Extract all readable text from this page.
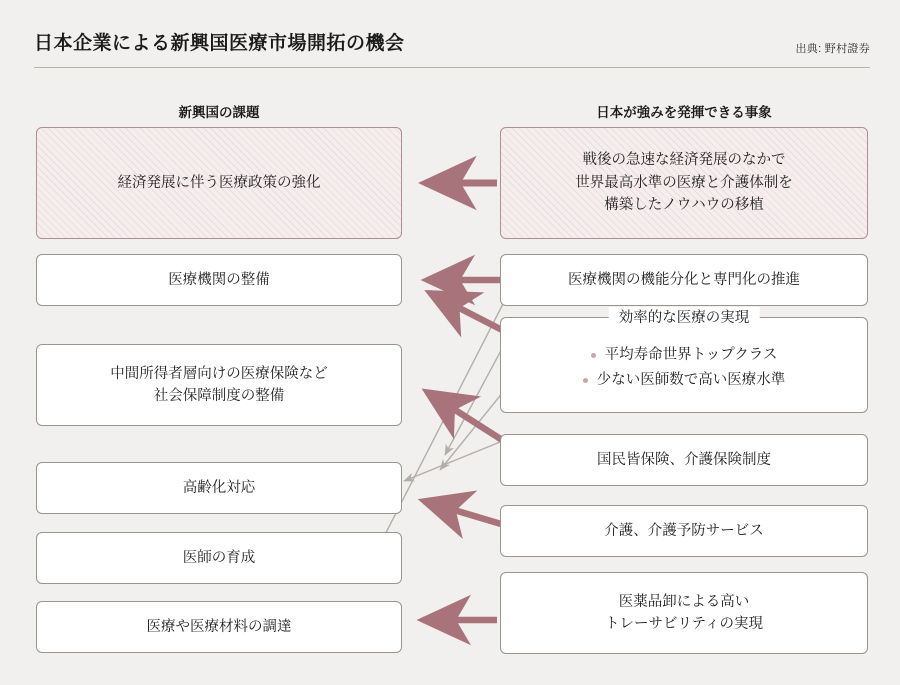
日本企業による新興国医療市場開拓の機会	出典: 野村證券
新興国の課題	日本が強みを発揮できる事象
経済発展に伴う医療政策の強化
医療機関の整備
中間所得者層向けの医療保険など
社会保障制度の整備
高齢化対応
医師の育成
医療や医療材料の調達
戦後の急速な経済発展のなかで
世界最高水準の医療と介護体制を
構築したノウハウの移植
医療機関の機能分化と専門化の推進
効率的な医療の実現
平均寿命世界トップクラス 少ない医師数で高い医療水準
国民皆保険、介護保険制度
介護、介護予防サービス
医薬品卸による高い
トレーサビリティの実現
